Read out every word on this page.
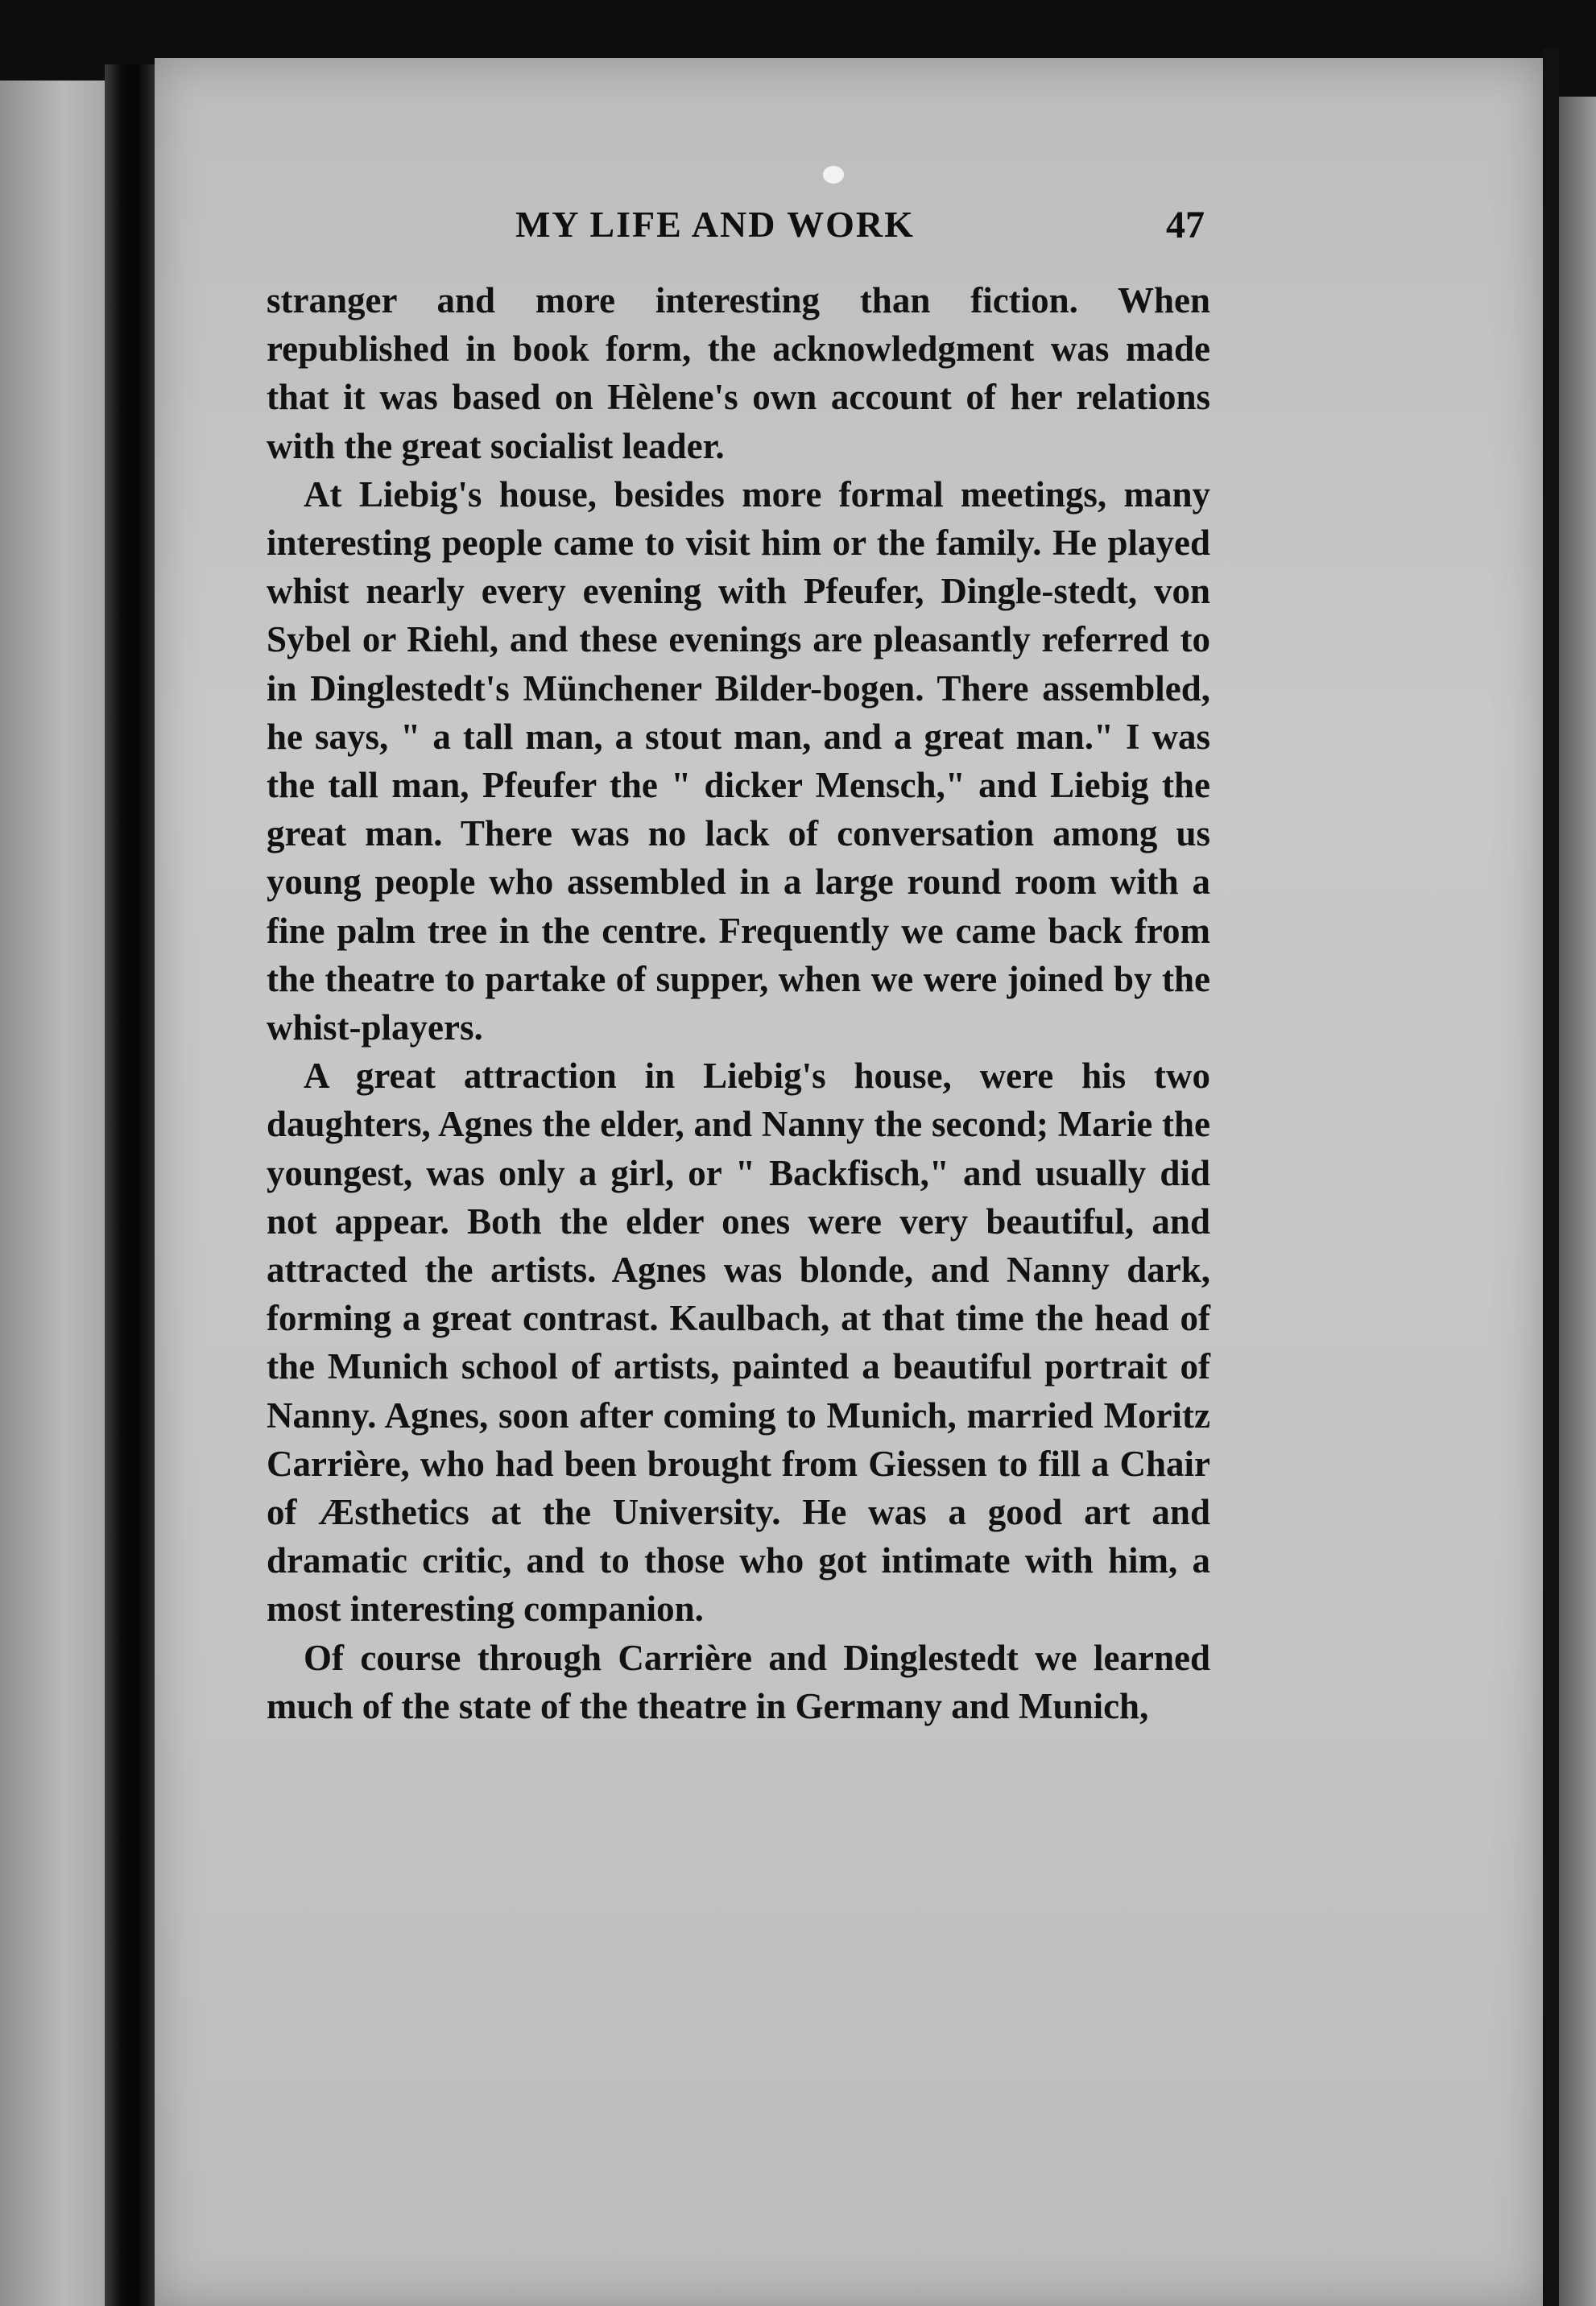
MY LIFE AND WORK	47

stranger and more interesting than fiction. When republished in book form, the acknowledgment was made that it was based on Hèlene's own account of her relations with the great socialist leader.

At Liebig's house, besides more formal meetings, many interesting people came to visit him or the family. He played whist nearly every evening with Pfeufer, Dingle-stedt, von Sybel or Riehl, and these evenings are pleasantly referred to in Dinglestedt's Münchener Bilder-bogen. There assembled, he says, " a tall man, a stout man, and a great man." I was the tall man, Pfeufer the " dicker Mensch," and Liebig the great man. There was no lack of conversation among us young people who assembled in a large round room with a fine palm tree in the centre. Frequently we came back from the theatre to partake of supper, when we were joined by the whist-players.

A great attraction in Liebig's house, were his two daughters, Agnes the elder, and Nanny the second; Marie the youngest, was only a girl, or " Backfisch," and usually did not appear. Both the elder ones were very beautiful, and attracted the artists. Agnes was blonde, and Nanny dark, forming a great contrast. Kaulbach, at that time the head of the Munich school of artists, painted a beautiful portrait of Nanny. Agnes, soon after coming to Munich, married Moritz Carrière, who had been brought from Giessen to fill a Chair of Æsthetics at the University. He was a good art and dramatic critic, and to those who got intimate with him, a most interesting companion.

Of course through Carrière and Dinglestedt we learned much of the state of the theatre in Germany and Munich,
